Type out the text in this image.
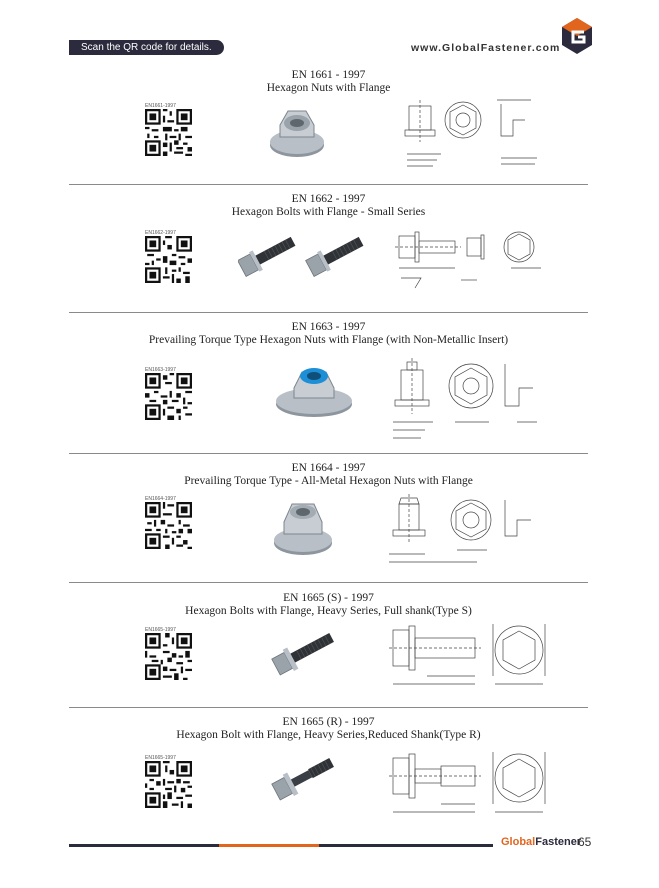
Scan the QR code for details.	www.GlobalFastener.com
EN 1661 - 1997
Hexagon Nuts with Flange
EN1661-1997
EN 1662 - 1997
Hexagon Bolts with Flange - Small Series
EN1662-1997
EN 1663 - 1997
Prevailing Torque Type Hexagon Nuts with Flange (with Non-Metallic Insert)
EN1663-1997
EN 1664 - 1997
Prevailing Torque Type - All-Metal Hexagon Nuts with Flange
EN1664-1997
EN 1665 (S) - 1997
Hexagon Bolts with Flange, Heavy Series, Full shank(Type S)
EN1665-1997
EN 1665 (R) - 1997
Hexagon Bolt with Flange, Heavy Series,Reduced Shank(Type R)
EN1665-1997
GlobalFastener
65
